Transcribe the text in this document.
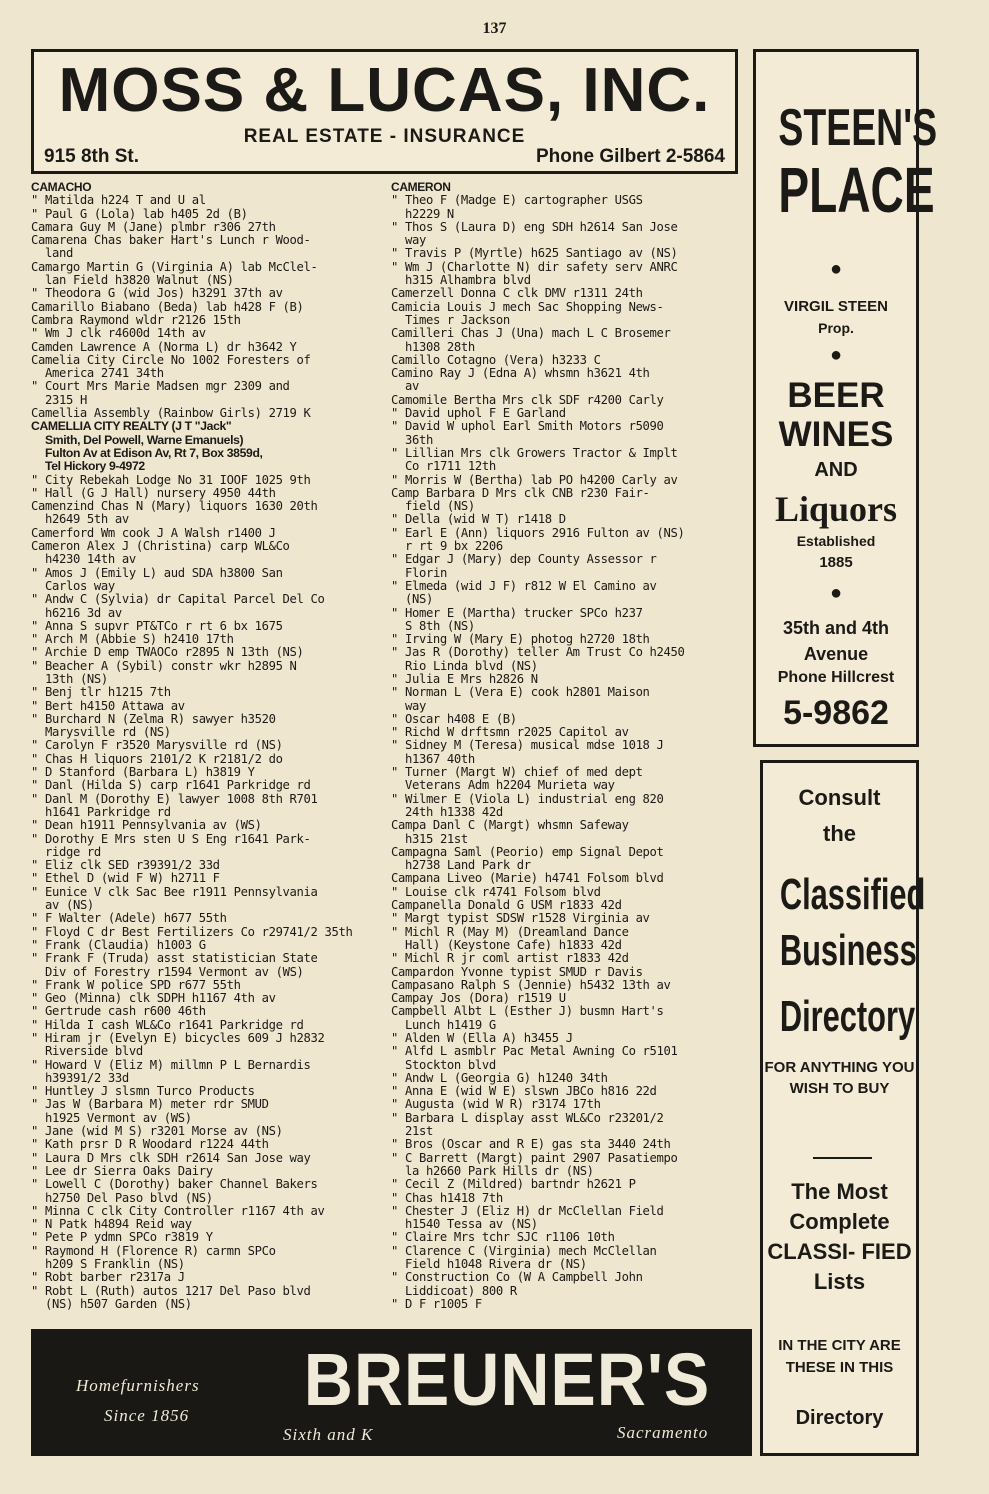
137
MOSS & LUCAS, INC.
REAL ESTATE - INSURANCE
915 8th St.	Phone Gilbert 2-5864
CAMACHO
" Matilda h224 T and U al
" Paul G (Lola) lab h405 2d (B)
Camara Guy M (Jane) plmbr r306 27th
Camarena Chas baker Hart's Lunch r Wood-
land
Camargo Martin G (Virginia A) lab McClel-
lan Field h3820 Walnut (NS)
" Theodora G (wid Jos) h3291 37th av
Camarillo Biabano (Beda) lab h428 F (B)
Cambra Raymond wldr r2126 15th
" Wm J clk r4600d 14th av
Camden Lawrence A (Norma L) dr h3642 Y
Camelia City Circle No 1002 Foresters of
America 2741 34th
" Court Mrs Marie Madsen mgr 2309 and
2315 H
Camellia Assembly (Rainbow Girls) 2719 K
CAMELLIA CITY REALTY (J T "Jack"
Smith, Del Powell, Warne Emanuels)
Fulton Av at Edison Av, Rt 7, Box 3859d,
Tel Hickory 9-4972
" City Rebekah Lodge No 31 IOOF 1025 9th
" Hall (G J Hall) nursery 4950 44th
Camenzind Chas N (Mary) liquors 1630 20th
h2649 5th av
Camerford Wm cook J A Walsh r1400 J
Cameron Alex J (Christina) carp WL&Co
h4230 14th av
" Amos J (Emily L) aud SDA h3800 San
Carlos way
" Andw C (Sylvia) dr Capital Parcel Del Co
h6216 3d av
" Anna S supvr PT&TCo r rt 6 bx 1675
" Arch M (Abbie S) h2410 17th
" Archie D emp TWAOCo r2895 N 13th (NS)
" Beacher A (Sybil) constr wkr h2895 N
13th (NS)
" Benj tlr h1215 7th
" Bert h4150 Attawa av
" Burchard N (Zelma R) sawyer h3520
Marysville rd (NS)
" Carolyn F r3520 Marysville rd (NS)
" Chas H liquors 2101/2 K r2181/2 do
" D Stanford (Barbara L) h3819 Y
" Danl (Hilda S) carp r1641 Parkridge rd
" Danl M (Dorothy E) lawyer 1008 8th R701
h1641 Parkridge rd
" Dean h1911 Pennsylvania av (WS)
" Dorothy E Mrs sten U S Eng r1641 Park-
ridge rd
" Eliz clk SED r39391/2 33d
" Ethel D (wid F W) h2711 F
" Eunice V clk Sac Bee r1911 Pennsylvania
av (NS)
" F Walter (Adele) h677 55th
" Floyd C dr Best Fertilizers Co r29741/2 35th
" Frank (Claudia) h1003 G
" Frank F (Truda) asst statistician State
Div of Forestry r1594 Vermont av (WS)
" Frank W police SPD r677 55th
" Geo (Minna) clk SDPH h1167 4th av
" Gertrude cash r600 46th
" Hilda I cash WL&Co r1641 Parkridge rd
" Hiram jr (Evelyn E) bicycles 609 J h2832
Riverside blvd
" Howard V (Eliz M) millmn P L Bernardis
h39391/2 33d
" Huntley J slsmn Turco Products
" Jas W (Barbara M) meter rdr SMUD
h1925 Vermont av (WS)
" Jane (wid M S) r3201 Morse av (NS)
" Kath prsr D R Woodard r1224 44th
" Laura D Mrs clk SDH r2614 San Jose way
" Lee dr Sierra Oaks Dairy
" Lowell C (Dorothy) baker Channel Bakers
h2750 Del Paso blvd (NS)
" Minna C clk City Controller r1167 4th av
" N Patk h4894 Reid way
" Pete P ydmn SPCo r3819 Y
" Raymond H (Florence R) carmn SPCo
h209 S Franklin (NS)
" Robt barber r2317a J
" Robt L (Ruth) autos 1217 Del Paso blvd
(NS) h507 Garden (NS)
CAMERON
" Theo F (Madge E) cartographer USGS
h2229 N
" Thos S (Laura D) eng SDH h2614 San Jose
way
" Travis P (Myrtle) h625 Santiago av (NS)
" Wm J (Charlotte N) dir safety serv ANRC
h315 Alhambra blvd
Camerzell Donna C clk DMV r1311 24th
Camicia Louis J mech Sac Shopping News-
Times r Jackson
Camilleri Chas J (Una) mach L C Brosemer
h1308 28th
Camillo Cotagno (Vera) h3233 C
Camino Ray J (Edna A) whsmn h3621 4th
av
Camomile Bertha Mrs clk SDF r4200 Carly
" David uphol F E Garland
" David W uphol Earl Smith Motors r5090
36th
" Lillian Mrs clk Growers Tractor & Implt
Co r1711 12th
" Morris W (Bertha) lab PO h4200 Carly av
Camp Barbara D Mrs clk CNB r230 Fair-
field (NS)
" Della (wid W T) r1418 D
" Earl E (Ann) liquors 2916 Fulton av (NS)
r rt 9 bx 2206
" Edgar J (Mary) dep County Assessor r
Florin
" Elmeda (wid J F) r812 W El Camino av
(NS)
" Homer E (Martha) trucker SPCo h237
S 8th (NS)
" Irving W (Mary E) photog h2720 18th
" Jas R (Dorothy) teller Am Trust Co h2450
Rio Linda blvd (NS)
" Julia E Mrs h2826 N
" Norman L (Vera E) cook h2801 Maison
way
" Oscar h408 E (B)
" Richd W drftsmn r2025 Capitol av
" Sidney M (Teresa) musical mdse 1018 J
h1367 40th
" Turner (Margt W) chief of med dept
Veterans Adm h2204 Murieta way
" Wilmer E (Viola L) industrial eng 820
24th h1338 42d
Campa Danl C (Margt) whsmn Safeway
h315 21st
Campagna Saml (Peorio) emp Signal Depot
h2738 Land Park dr
Campana Liveo (Marie) h4741 Folsom blvd
" Louise clk r4741 Folsom blvd
Campanella Donald G USM r1833 42d
" Margt typist SDSW r1528 Virginia av
" Michl R (May M) (Dreamland Dance
Hall) (Keystone Cafe) h1833 42d
" Michl R jr coml artist r1833 42d
Campardon Yvonne typist SMUD r Davis
Campasano Ralph S (Jennie) h5432 13th av
Campay Jos (Dora) r1519 U
Campbell Albt L (Esther J) busmn Hart's
Lunch h1419 G
" Alden W (Ella A) h3455 J
" Alfd L asmblr Pac Metal Awning Co r5101
Stockton blvd
" Andw L (Georgia G) h1240 34th
" Anna E (wid W E) slswn JBCo h816 22d
" Augusta (wid W R) r3174 17th
" Barbara L display asst WL&Co r23201/2
21st
" Bros (Oscar and R E) gas sta 3440 24th
" C Barrett (Margt) paint 2907 Pasatiempo
la h2660 Park Hills dr (NS)
" Cecil Z (Mildred) bartndr h2621 P
" Chas h1418 7th
" Chester J (Eliz H) dr McClellan Field
h1540 Tessa av (NS)
" Claire Mrs tchr SJC r1106 10th
" Clarence C (Virginia) mech McClellan
Field h1048 Rivera dr (NS)
" Construction Co (W A Campbell John
Liddicoat) 800 R
" D F r1005 F
STEEN'S
PLACE
●
VIRGIL STEEN
Prop.
●
BEER
WINES
AND
Liquors
Established
1885
●
35th and 4th
Avenue
Phone Hillcrest
5-9862
Consult
the
Classified
Business
Directory
FOR ANYTHING YOU WISH TO BUY
The Most Complete CLASSI- FIED Lists
IN THE CITY ARE THESE IN THIS
Directory
Homefurnishers
Since 1856 BREUNER'S
Sixth and K	Sacramento
